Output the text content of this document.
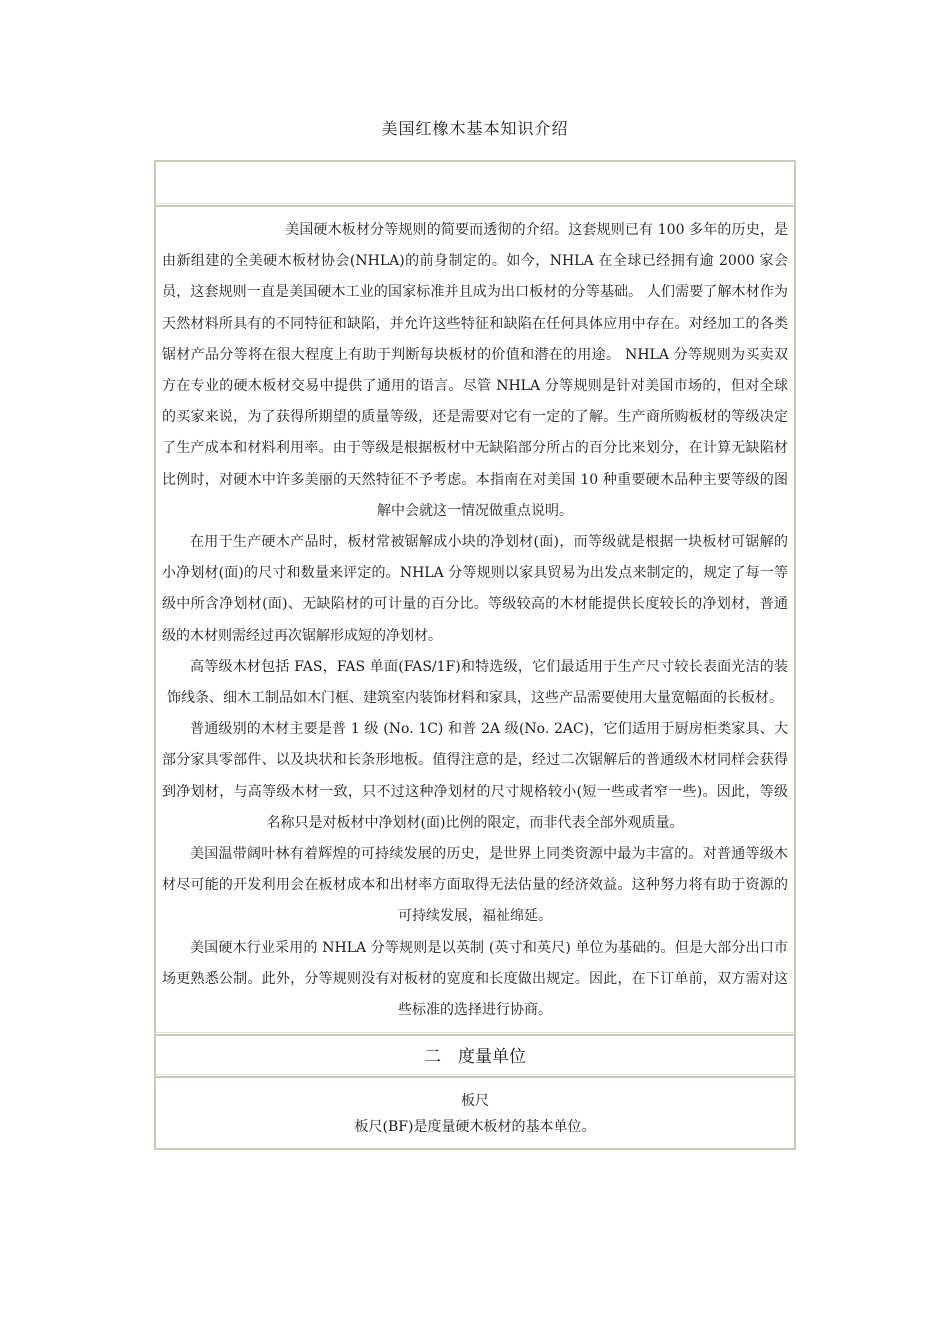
美国红橡木基本知识介绍

美国硬木板材分等规则的简要而透彻的介绍。这套规则已有 100 多年的历史，是由新组建的全美硬木板材协会(NHLA)的前身制定的。如今，NHLA 在全球已经拥有逾 2000 家会员，这套规则一直是美国硬木工业的国家标准并且成为出口板材的分等基础。 人们需要了解木材作为天然材料所具有的不同特征和缺陷，并允许这些特征和缺陷在任何具体应用中存在。对经加工的各类锯材产品分等将在很大程度上有助于判断每块板材的价值和潜在的用途。 NHLA 分等规则为买卖双方在专业的硬木板材交易中提供了通用的语言。尽管 NHLA 分等规则是针对美国市场的，但对全球的买家来说，为了获得所期望的质量等级，还是需要对它有一定的了解。生产商所购板材的等级决定了生产成本和材料利用率。由于等级是根据板材中无缺陷部分所占的百分比来划分，在计算无缺陷材比例时，对硬木中许多美丽的天然特征不予考虑。本指南在对美国 10 种重要硬木品种主要等级的图解中会就这一情况做重点说明。

在用于生产硬木产品时，板材常被锯解成小块的净划材(面)，而等级就是根据一块板材可锯解的小净划材(面)的尺寸和数量来评定的。NHLA 分等规则以家具贸易为出发点来制定的，规定了每一等级中所含净划材(面)、无缺陷材的可计量的百分比。等级较高的木材能提供长度较长的净划材，普通级的木材则需经过再次锯解形成短的净划材。

高等级木材包括 FAS，FAS 单面(FAS/1F)和特选级，它们最适用于生产尺寸较长表面光洁的装饰线条、细木工制品如木门框、建筑室内装饰材料和家具，这些产品需要使用大量宽幅面的长板材。

普通级别的木材主要是普 1 级 (No. 1C) 和普 2A 级(No. 2AC)，它们适用于厨房柜类家具、大部分家具零部件、以及块状和长条形地板。值得注意的是，经过二次锯解后的普通级木材同样会获得到净划材，与高等级木材一致，只不过这种净划材的尺寸规格较小(短一些或者窄一些)。因此，等级名称只是对板材中净划材(面)比例的限定，而非代表全部外观质量。

美国温带阔叶林有着辉煌的可持续发展的历史，是世界上同类资源中最为丰富的。对普通等级木材尽可能的开发利用会在板材成本和出材率方面取得无法估量的经济效益。这种努力将有助于资源的可持续发展，福祉绵延。

美国硬木行业采用的 NHLA 分等规则是以英制 (英寸和英尺) 单位为基础的。但是大部分出口市场更熟悉公制。此外，分等规则没有对板材的宽度和长度做出规定。因此，在下订单前，双方需对这些标准的选择进行协商。

二　度量单位
板尺
板尺(BF)是度量硬木板材的基本单位。
